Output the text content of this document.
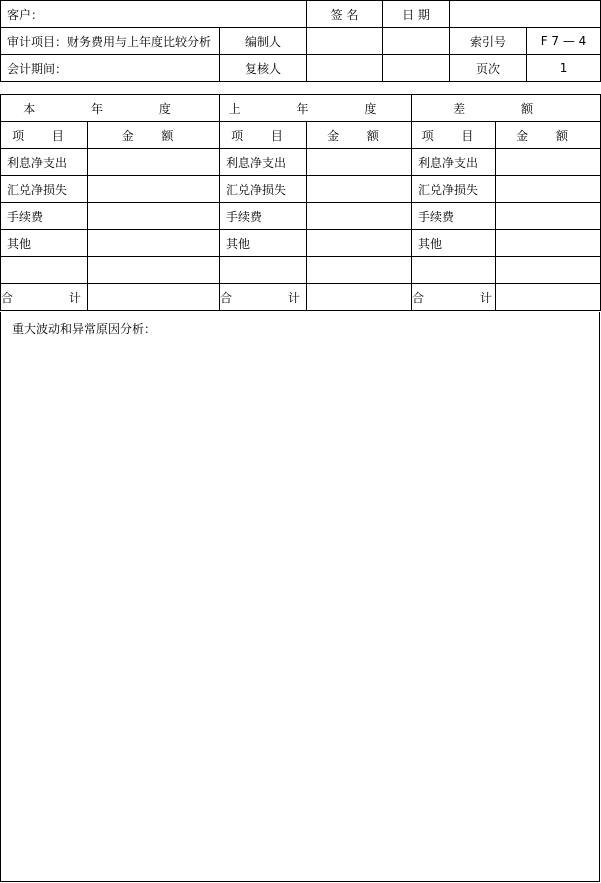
客户：		签 名	日 期		
审计项目：财务费用与上年度比较分析	编制人			索引号	F 7 — 4
会计期间：	复核人			页次	1
本 年 度		上 年 度		差 额	
项 目	金 额	项 目	金 额	项 目	金 额
利息净支出		利息净支出		利息净支出	
汇兑净损失		汇兑净损失		汇兑净损失	
手续费		手续费		手续费	
其他		其他		其他	

合 计		合 计		合 计	
重大波动和异常原因分析：
